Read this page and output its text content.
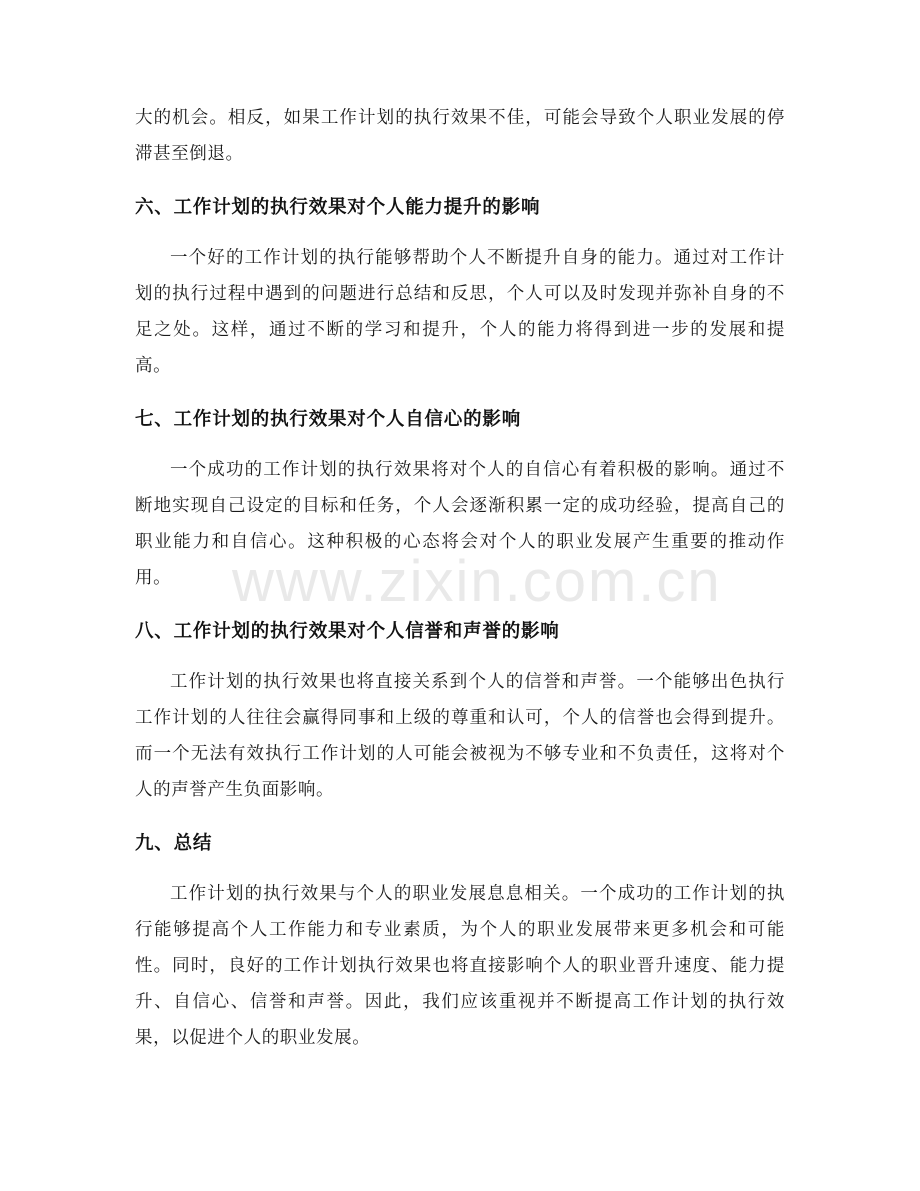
www.zixin.com.cn

大的机会。相反，如果工作计划的执行效果不佳，可能会导致个人职业发展的停滞甚至倒退。

六、工作计划的执行效果对个人能力提升的影响

一个好的工作计划的执行能够帮助个人不断提升自身的能力。通过对工作计划的执行过程中遇到的问题进行总结和反思，个人可以及时发现并弥补自身的不足之处。这样，通过不断的学习和提升，个人的能力将得到进一步的发展和提高。

七、工作计划的执行效果对个人自信心的影响

一个成功的工作计划的执行效果将对个人的自信心有着积极的影响。通过不断地实现自己设定的目标和任务，个人会逐渐积累一定的成功经验，提高自己的职业能力和自信心。这种积极的心态将会对个人的职业发展产生重要的推动作用。

八、工作计划的执行效果对个人信誉和声誉的影响

工作计划的执行效果也将直接关系到个人的信誉和声誉。一个能够出色执行工作计划的人往往会赢得同事和上级的尊重和认可，个人的信誉也会得到提升。而一个无法有效执行工作计划的人可能会被视为不够专业和不负责任，这将对个人的声誉产生负面影响。

九、总结

工作计划的执行效果与个人的职业发展息息相关。一个成功的工作计划的执行能够提高个人工作能力和专业素质，为个人的职业发展带来更多机会和可能性。同时，良好的工作计划执行效果也将直接影响个人的职业晋升速度、能力提升、自信心、信誉和声誉。因此，我们应该重视并不断提高工作计划的执行效果，以促进个人的职业发展。
